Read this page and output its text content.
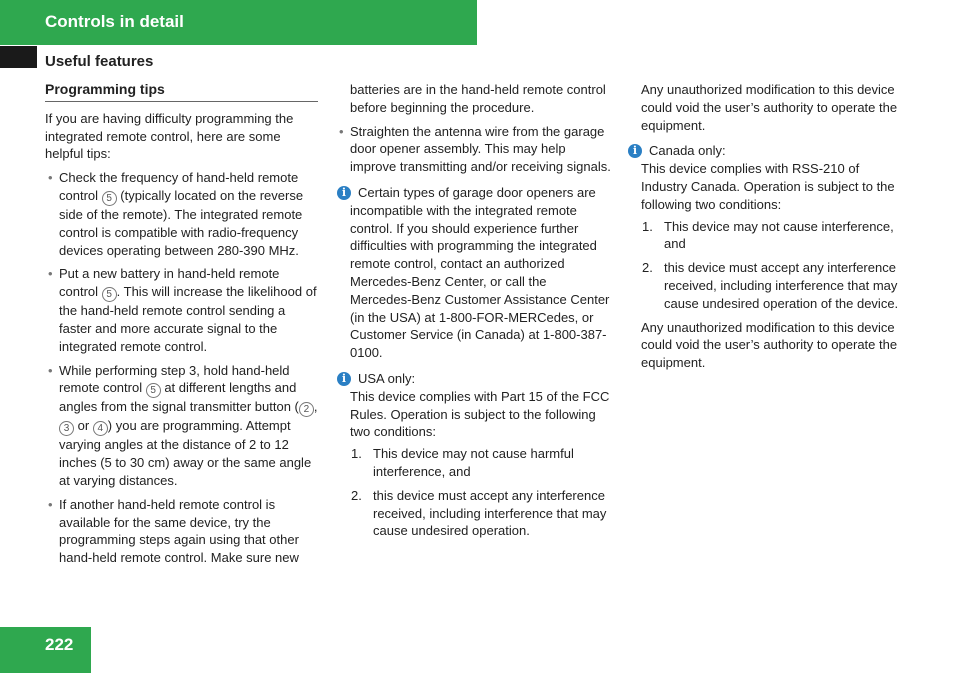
Controls in detail
Useful features
Programming tips

If you are having difficulty programming the integrated remote control, here are some helpful tips:

• Check the frequency of hand-held remote control 5 (typically located on the reverse side of the remote). The integrated remote control is compatible with radio-frequency devices operating between 280-390 MHz.
• Put a new battery in hand-held remote control 5 . This will increase the likelihood of the hand-held remote control sending a faster and more accurate signal to the integrated remote control.
• While performing step 3, hold hand-held remote control 5 at different lengths and angles from the signal transmitter button ( 2 , 3 or 4 ) you are programming. Attempt varying angles at the distance of 2 to 12 inches (5 to 30 cm) away or the same angle at varying distances.
• If another hand-held remote control is available for the same device, try the programming steps again using that other hand-held remote control. Make sure new
batteries are in the hand-held remote control before beginning the procedure.
• Straighten the antenna wire from the garage door opener assembly. This may help improve transmitting and/or receiving signals.
i Certain types of garage door openers are incompatible with the integrated remote control. If you should experience further difficulties with programming the integrated remote control, contact an authorized Mercedes-Benz Center, or call the Mercedes-Benz Customer Assistance Center (in the USA) at 1-800-FOR-MERCedes, or Customer Service (in Canada) at 1-800-387-0100.
i USA only:
This device complies with Part 15 of the FCC Rules. Operation is subject to the following two conditions:
1. This device may not cause harmful interference, and
2. this device must accept any interference received, including interference that may cause undesired operation.
Any unauthorized modification to this device could void the user’s authority to operate the equipment.
i Canada only:
This device complies with RSS-210 of Industry Canada. Operation is subject to the following two conditions:
1. This device may not cause interference, and
2. this device must accept any interference received, including interference that may cause undesired operation of the device.
Any unauthorized modification to this device could void the user’s authority to operate the equipment.
222
